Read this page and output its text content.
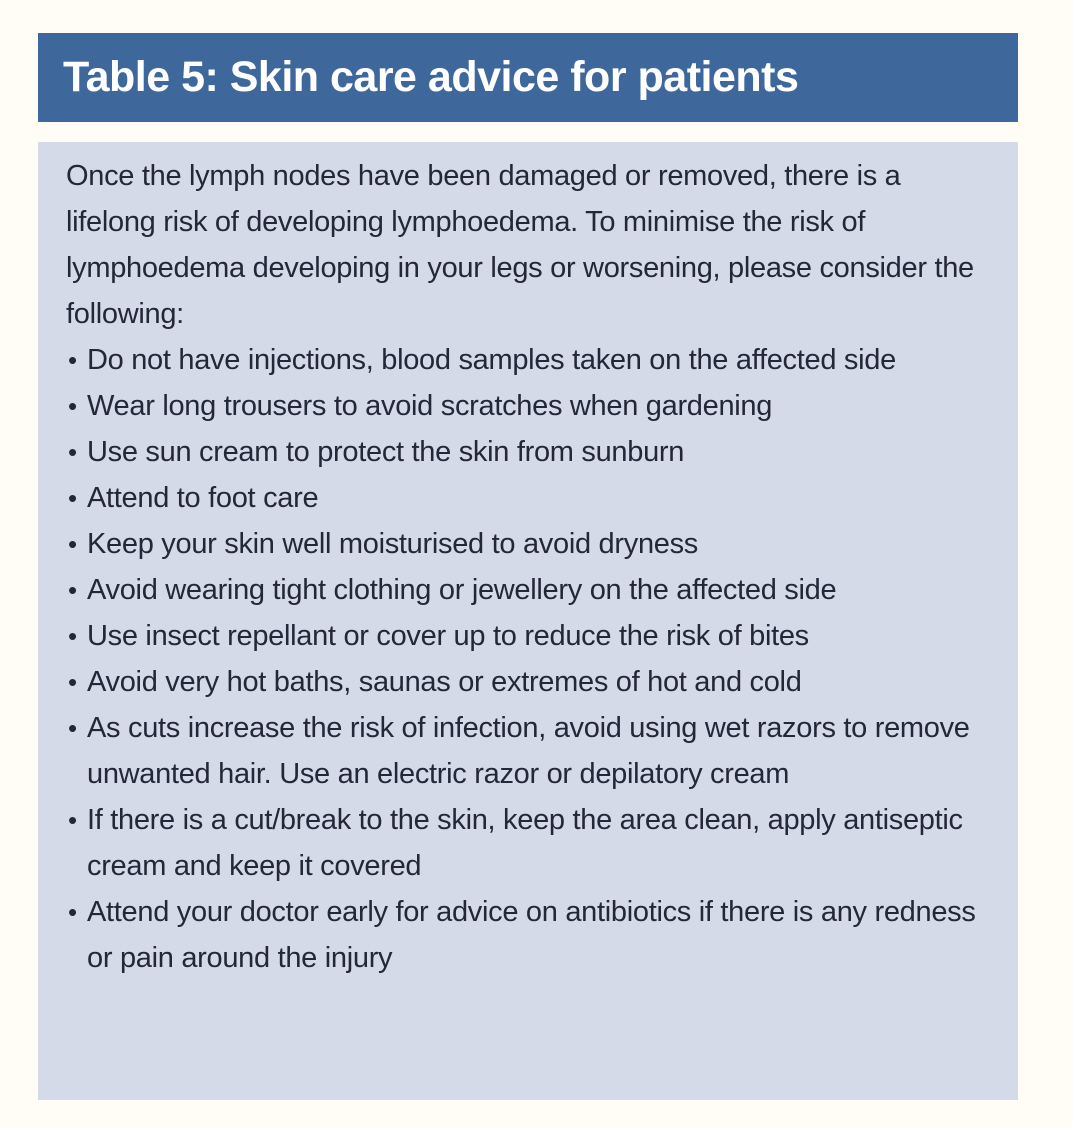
Table 5: Skin care advice for patients

Once the lymph nodes have been damaged or removed, there is a lifelong risk of developing lymphoedema. To minimise the risk of lymphoedema developing in your legs or worsening, please consider the following:

• Do not have injections, blood samples taken on the affected side
• Wear long trousers to avoid scratches when gardening
• Use sun cream to protect the skin from sunburn
• Attend to foot care
• Keep your skin well moisturised to avoid dryness
• Avoid wearing tight clothing or jewellery on the affected side
• Use insect repellant or cover up to reduce the risk of bites
• Avoid very hot baths, saunas or extremes of hot and cold
• As cuts increase the risk of infection, avoid using wet razors to remove unwanted hair. Use an electric razor or depilatory cream
• If there is a cut/break to the skin, keep the area clean, apply antiseptic cream and keep it covered
• Attend your doctor early for advice on antibiotics if there is any redness or pain around the injury
